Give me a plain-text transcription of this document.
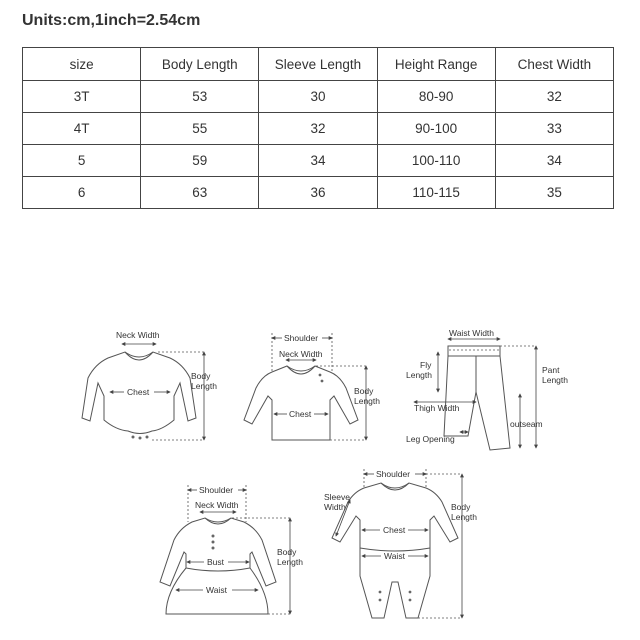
Units:cm,1inch=2.54cm
size	Body Length	Sleeve Length	Height Range	Chest Width
3T	53	30	80-90	32
4T	55	32	90-100	33
5	59	34	100-110	34
6	63	36	110-115	35
Neck Width
Chest
Body
Length
Shoulder
Neck Width
Chest
Body
Length
Waist Width
Fly
Length	Pant
Length
Thigh Width
outseam
Leg Opening
Shoulder
Neck Width
Bust
Waist
Body
Length
Shoulder
Sleeve
Width
Chest
Waist
Body
Length
